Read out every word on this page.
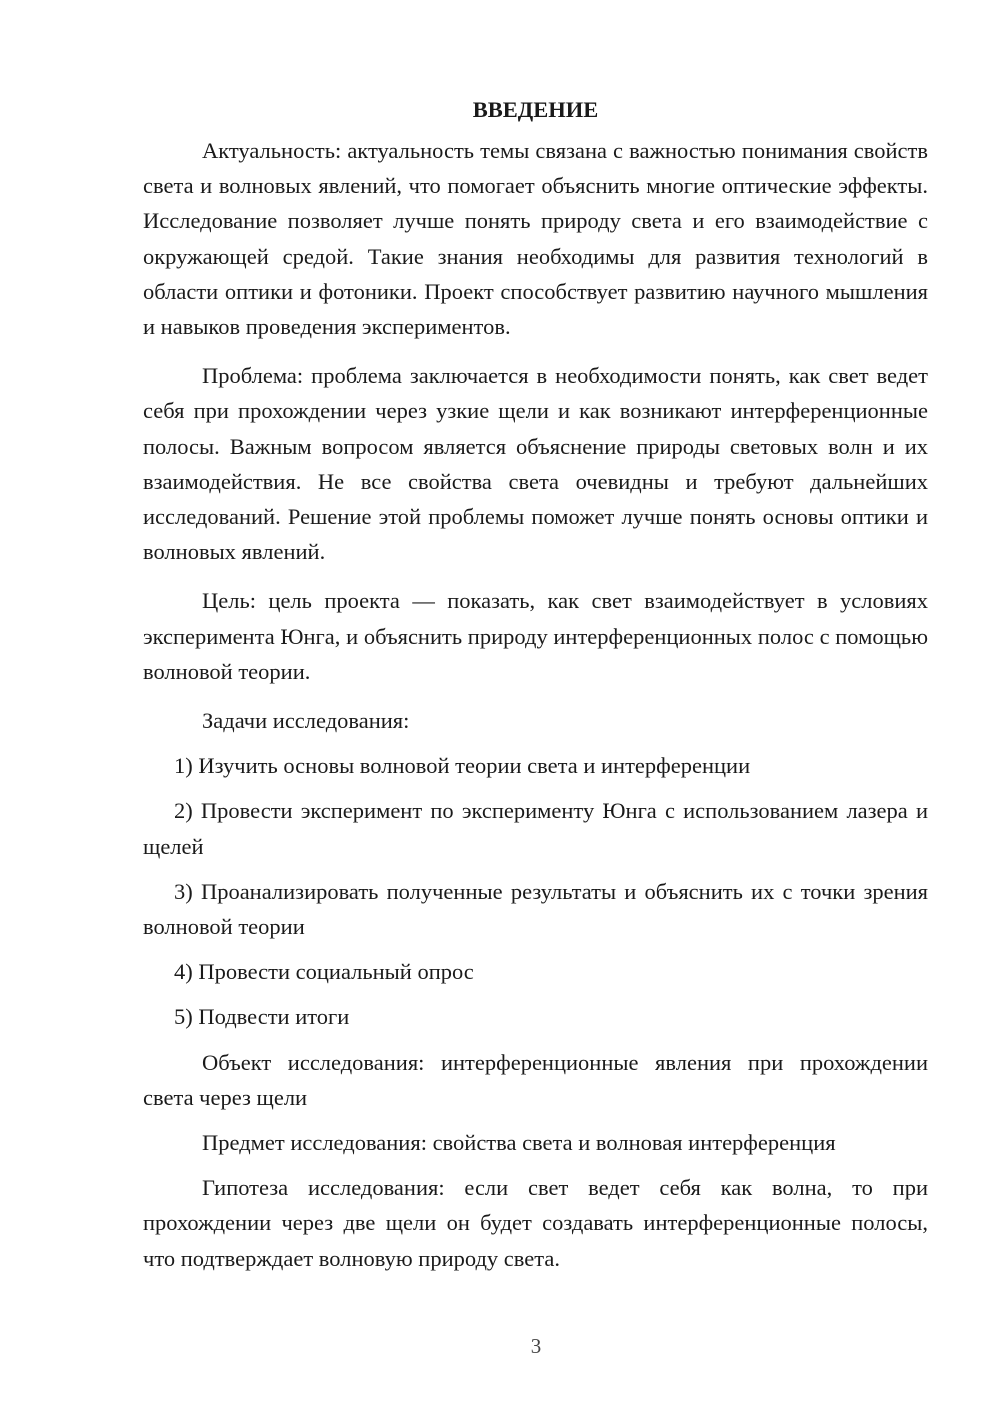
ВВЕДЕНИЕ

Актуальность: актуальность темы связана с важностью понимания свойств света и волновых явлений, что помогает объяснить многие оптические эффекты. Исследование позволяет лучше понять природу света и его взаимодействие с окружающей средой. Такие знания необходимы для развития технологий в области оптики и фотоники. Проект способствует развитию научного мышления и навыков проведения экспериментов.

Проблема: проблема заключается в необходимости понять, как свет ведет себя при прохождении через узкие щели и как возникают интерференционные полосы. Важным вопросом является объяснение природы световых волн и их взаимодействия. Не все свойства света очевидны и требуют дальнейших исследований. Решение этой проблемы поможет лучше понять основы оптики и волновых явлений.

Цель: цель проекта — показать, как свет взаимодействует в условиях эксперимента Юнга, и объяснить природу интерференционных полос с помощью волновой теории.

Задачи исследования:

1) Изучить основы волновой теории света и интерференции

2) Провести эксперимент по эксперименту Юнга с использованием лазера и щелей

3) Проанализировать полученные результаты и объяснить их с точки зрения волновой теории

4) Провести социальный опрос

5) Подвести итоги

Объект исследования: интерференционные явления при прохождении света через щели

Предмет исследования: свойства света и волновая интерференция

Гипотеза исследования: если свет ведет себя как волна, то при прохождении через две щели он будет создавать интерференционные полосы, что подтверждает волновую природу света.

3
